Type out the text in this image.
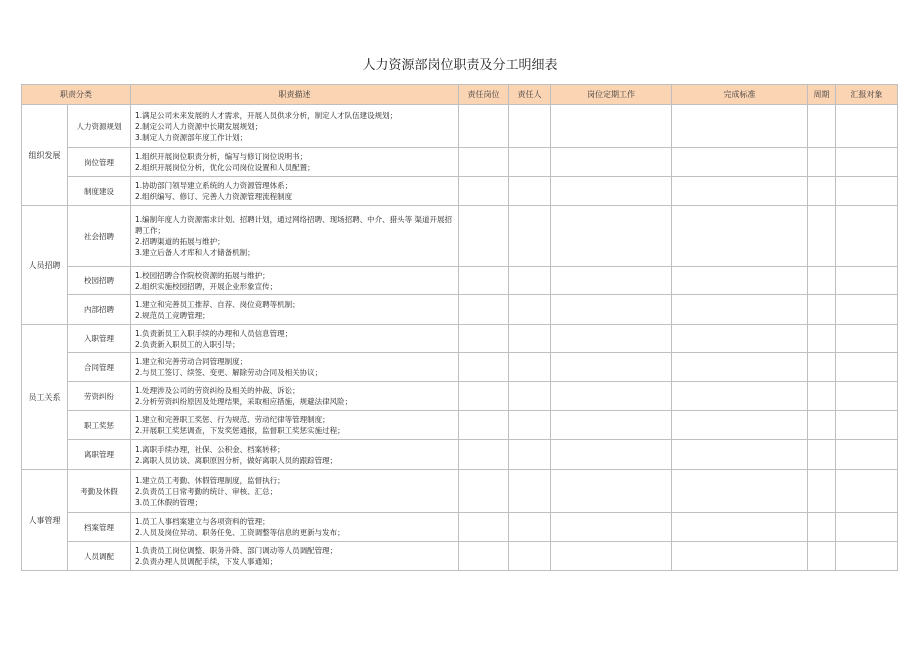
人力资源部岗位职责及分工明细表
职责分类		职责描述	责任岗位	责任人	岗位定期工作	完成标准	周期	汇报对象
组织发展	人力资源规划	1.满足公司未来发展的人才需求，开展人员供求分析，制定人才队伍建设规划；
2.制定公司人力资源中长期发展规划；
3.制定人力资源部年度工作计划；						

	岗位管理	1.组织开展岗位职责分析，编写与修订岗位说明书；
2.组织开展岗位分析，优化公司岗位设置和人员配置；						

	制度建设	1.协助部门领导建立系统的人力资源管理体系；
2.组织编写、修订、完善人力资源管理流程制度						

人员招聘	社会招聘	1.编制年度人力资源需求计划、招聘计划，通过网络招聘、现场招聘、中介、猎头等 渠道开展招聘工作；
2.招聘渠道的拓展与维护；
3.建立后备人才库和人才储备机制；						

	校园招聘	1.校园招聘合作院校资源的拓展与维护；
2.组织实施校园招聘，开展企业形象宣传；						

	内部招聘	1.建立和完善员工推荐、自荐、岗位竞聘等机制；
2.规范员工竞聘管理；						

员工关系	入职管理	1.负责新员工入职手续的办理和人员信息管理；
2.负责新入职员工的入职引导；						

	合同管理	1.建立和完善劳动合同管理制度；
2.与员工签订、续签、变更、解除劳动合同及相关协议；						

	劳资纠纷	1.处理涉及公司的劳资纠纷及相关的仲裁、诉讼；
2.分析劳资纠纷原因及处理结果，采取相应措施，规避法律风险；						

	职工奖惩	1.建立和完善职工奖惩、行为规范、劳动纪律等管理制度；
2.开展职工奖惩调查，下发奖惩通报，监督职工奖惩实施过程；						

	离职管理	1.离职手续办理，社保、公积金、档案转移；
2.离职人员访谈、离职原因分析，做好离职人员的跟踪管理；						

人事管理	考勤及休假	1.建立员工考勤、休假管理制度，监督执行；
2.负责员工日常考勤的统计、审核、汇总；
3.员工休假的管理；						

	档案管理	1.员工人事档案建立与各项资料的管理；
2.人员及岗位异动、职务任免、工资调整等信息的更新与发布；						

	人员调配	1.负责员工岗位调整、职务升降、部门调动等人员调配管理；
2.负责办理人员调配手续，下发人事通知；						
